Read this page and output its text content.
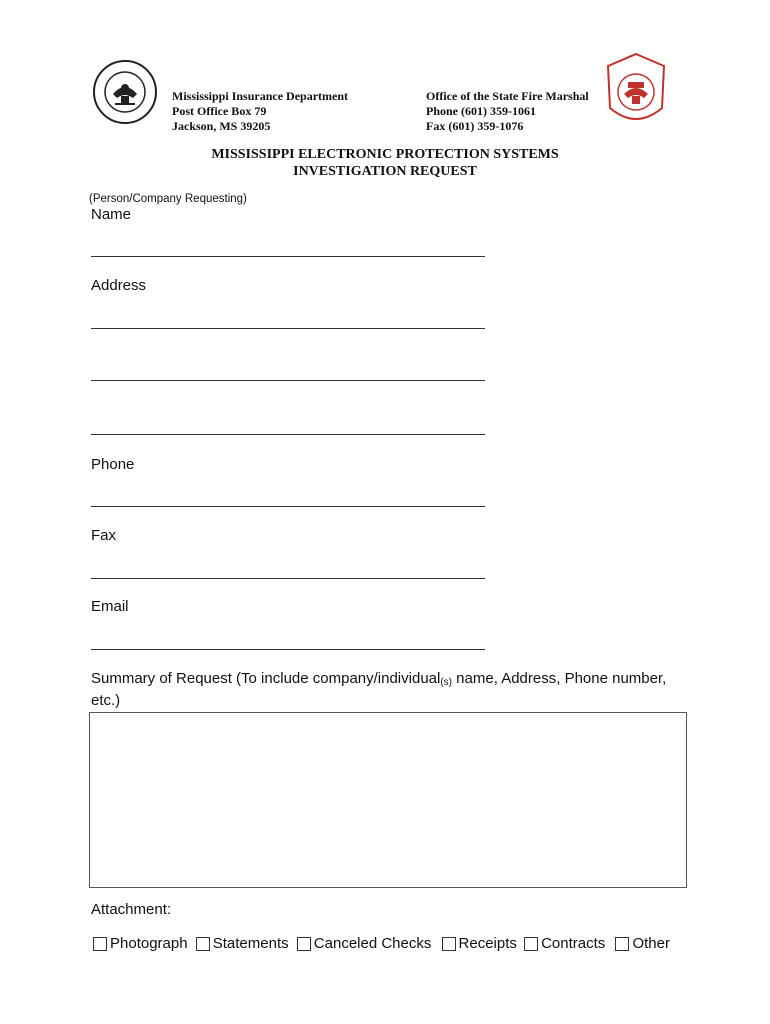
Mississippi Insurance Department
Post Office Box 79
Jackson, MS 39205
Office of the State Fire Marshal
Phone (601) 359-1061
Fax (601) 359-1076
MISSISSIPPI ELECTRONIC PROTECTION SYSTEMS
INVESTIGATION REQUEST
(Person/Company Requesting)
Name
Address
Phone
Fax
Email
Summary of Request (To include company/individual$_{(s)}$ name, Address, Phone number,
etc.)
Attachment:
Photograph
Statements
Canceled Checks
Receipts
Contracts
Other
